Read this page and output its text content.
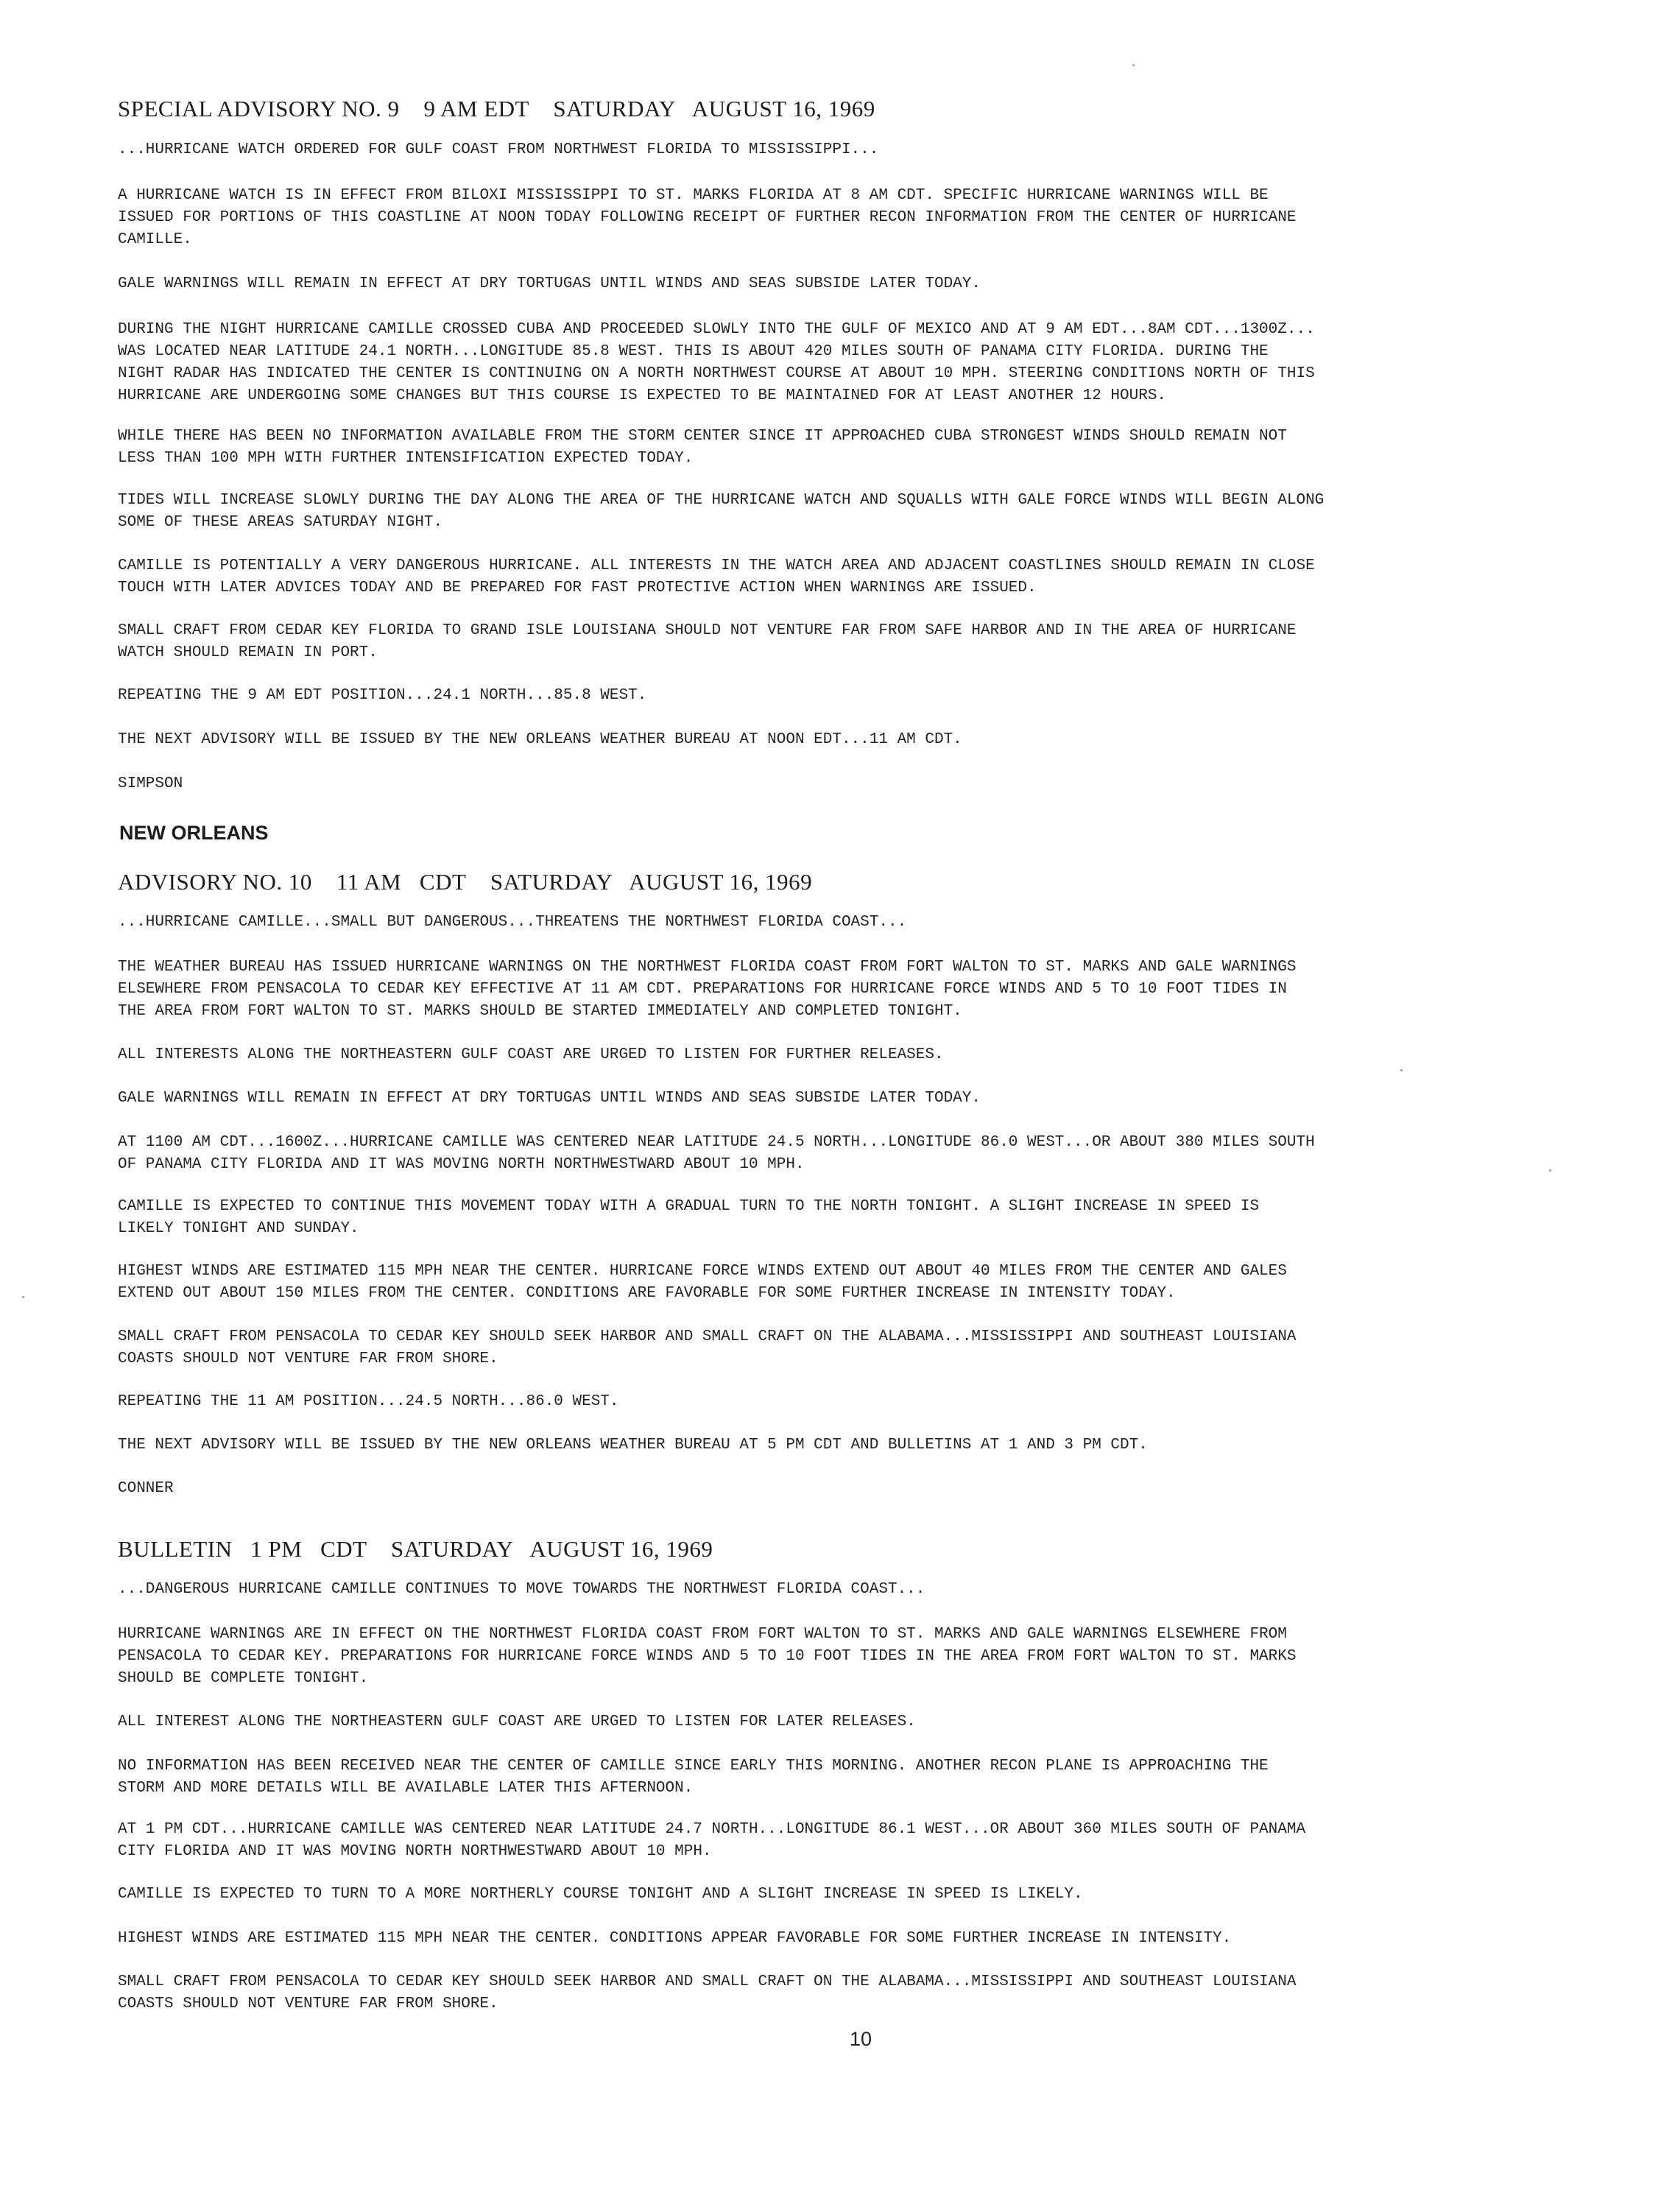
SPECIAL ADVISORY NO. 9    9 AM EDT    SATURDAY   AUGUST 16, 1969
...HURRICANE WATCH ORDERED FOR GULF COAST FROM NORTHWEST FLORIDA TO MISSISSIPPI...
A HURRICANE WATCH IS IN EFFECT FROM BILOXI MISSISSIPPI TO ST. MARKS FLORIDA AT 8 AM CDT. SPECIFIC HURRICANE WARNINGS WILL BE
ISSUED FOR PORTIONS OF THIS COASTLINE AT NOON TODAY FOLLOWING RECEIPT OF FURTHER RECON INFORMATION FROM THE CENTER OF HURRICANE
CAMILLE.
GALE WARNINGS WILL REMAIN IN EFFECT AT DRY TORTUGAS UNTIL WINDS AND SEAS SUBSIDE LATER TODAY.
DURING THE NIGHT HURRICANE CAMILLE CROSSED CUBA AND PROCEEDED SLOWLY INTO THE GULF OF MEXICO AND AT 9 AM EDT...8AM CDT...1300Z...
WAS LOCATED NEAR LATITUDE 24.1 NORTH...LONGITUDE 85.8 WEST. THIS IS ABOUT 420 MILES SOUTH OF PANAMA CITY FLORIDA. DURING THE
NIGHT RADAR HAS INDICATED THE CENTER IS CONTINUING ON A NORTH NORTHWEST COURSE AT ABOUT 10 MPH. STEERING CONDITIONS NORTH OF THIS
HURRICANE ARE UNDERGOING SOME CHANGES BUT THIS COURSE IS EXPECTED TO BE MAINTAINED FOR AT LEAST ANOTHER 12 HOURS.
WHILE THERE HAS BEEN NO INFORMATION AVAILABLE FROM THE STORM CENTER SINCE IT APPROACHED CUBA STRONGEST WINDS SHOULD REMAIN NOT
LESS THAN 100 MPH WITH FURTHER INTENSIFICATION EXPECTED TODAY.
TIDES WILL INCREASE SLOWLY DURING THE DAY ALONG THE AREA OF THE HURRICANE WATCH AND SQUALLS WITH GALE FORCE WINDS WILL BEGIN ALONG
SOME OF THESE AREAS SATURDAY NIGHT.
CAMILLE IS POTENTIALLY A VERY DANGEROUS HURRICANE. ALL INTERESTS IN THE WATCH AREA AND ADJACENT COASTLINES SHOULD REMAIN IN CLOSE
TOUCH WITH LATER ADVICES TODAY AND BE PREPARED FOR FAST PROTECTIVE ACTION WHEN WARNINGS ARE ISSUED.
SMALL CRAFT FROM CEDAR KEY FLORIDA TO GRAND ISLE LOUISIANA SHOULD NOT VENTURE FAR FROM SAFE HARBOR AND IN THE AREA OF HURRICANE
WATCH SHOULD REMAIN IN PORT.
REPEATING THE 9 AM EDT POSITION...24.1 NORTH...85.8 WEST.
THE NEXT ADVISORY WILL BE ISSUED BY THE NEW ORLEANS WEATHER BUREAU AT NOON EDT...11 AM CDT.
SIMPSON
NEW ORLEANS
ADVISORY NO. 10    11 AM   CDT    SATURDAY   AUGUST 16, 1969
...HURRICANE CAMILLE...SMALL BUT DANGEROUS...THREATENS THE NORTHWEST FLORIDA COAST...
THE WEATHER BUREAU HAS ISSUED HURRICANE WARNINGS ON THE NORTHWEST FLORIDA COAST FROM FORT WALTON TO ST. MARKS AND GALE WARNINGS
ELSEWHERE FROM PENSACOLA TO CEDAR KEY EFFECTIVE AT 11 AM CDT. PREPARATIONS FOR HURRICANE FORCE WINDS AND 5 TO 10 FOOT TIDES IN
THE AREA FROM FORT WALTON TO ST. MARKS SHOULD BE STARTED IMMEDIATELY AND COMPLETED TONIGHT.
ALL INTERESTS ALONG THE NORTHEASTERN GULF COAST ARE URGED TO LISTEN FOR FURTHER RELEASES.
GALE WARNINGS WILL REMAIN IN EFFECT AT DRY TORTUGAS UNTIL WINDS AND SEAS SUBSIDE LATER TODAY.
AT 1100 AM CDT...1600Z...HURRICANE CAMILLE WAS CENTERED NEAR LATITUDE 24.5 NORTH...LONGITUDE 86.0 WEST...OR ABOUT 380 MILES SOUTH
OF PANAMA CITY FLORIDA AND IT WAS MOVING NORTH NORTHWESTWARD ABOUT 10 MPH.
CAMILLE IS EXPECTED TO CONTINUE THIS MOVEMENT TODAY WITH A GRADUAL TURN TO THE NORTH TONIGHT. A SLIGHT INCREASE IN SPEED IS
LIKELY TONIGHT AND SUNDAY.
HIGHEST WINDS ARE ESTIMATED 115 MPH NEAR THE CENTER. HURRICANE FORCE WINDS EXTEND OUT ABOUT 40 MILES FROM THE CENTER AND GALES
EXTEND OUT ABOUT 150 MILES FROM THE CENTER. CONDITIONS ARE FAVORABLE FOR SOME FURTHER INCREASE IN INTENSITY TODAY.
SMALL CRAFT FROM PENSACOLA TO CEDAR KEY SHOULD SEEK HARBOR AND SMALL CRAFT ON THE ALABAMA...MISSISSIPPI AND SOUTHEAST LOUISIANA
COASTS SHOULD NOT VENTURE FAR FROM SHORE.
REPEATING THE 11 AM POSITION...24.5 NORTH...86.0 WEST.
THE NEXT ADVISORY WILL BE ISSUED BY THE NEW ORLEANS WEATHER BUREAU AT 5 PM CDT AND BULLETINS AT 1 AND 3 PM CDT.
CONNER
BULLETIN   1 PM   CDT    SATURDAY   AUGUST 16, 1969
...DANGEROUS HURRICANE CAMILLE CONTINUES TO MOVE TOWARDS THE NORTHWEST FLORIDA COAST...
HURRICANE WARNINGS ARE IN EFFECT ON THE NORTHWEST FLORIDA COAST FROM FORT WALTON TO ST. MARKS AND GALE WARNINGS ELSEWHERE FROM
PENSACOLA TO CEDAR KEY. PREPARATIONS FOR HURRICANE FORCE WINDS AND 5 TO 10 FOOT TIDES IN THE AREA FROM FORT WALTON TO ST. MARKS
SHOULD BE COMPLETE TONIGHT.
ALL INTEREST ALONG THE NORTHEASTERN GULF COAST ARE URGED TO LISTEN FOR LATER RELEASES.
NO INFORMATION HAS BEEN RECEIVED NEAR THE CENTER OF CAMILLE SINCE EARLY THIS MORNING. ANOTHER RECON PLANE IS APPROACHING THE
STORM AND MORE DETAILS WILL BE AVAILABLE LATER THIS AFTERNOON.
AT 1 PM CDT...HURRICANE CAMILLE WAS CENTERED NEAR LATITUDE 24.7 NORTH...LONGITUDE 86.1 WEST...OR ABOUT 360 MILES SOUTH OF PANAMA
CITY FLORIDA AND IT WAS MOVING NORTH NORTHWESTWARD ABOUT 10 MPH.
CAMILLE IS EXPECTED TO TURN TO A MORE NORTHERLY COURSE TONIGHT AND A SLIGHT INCREASE IN SPEED IS LIKELY.
HIGHEST WINDS ARE ESTIMATED 115 MPH NEAR THE CENTER. CONDITIONS APPEAR FAVORABLE FOR SOME FURTHER INCREASE IN INTENSITY.
SMALL CRAFT FROM PENSACOLA TO CEDAR KEY SHOULD SEEK HARBOR AND SMALL CRAFT ON THE ALABAMA...MISSISSIPPI AND SOUTHEAST LOUISIANA
COASTS SHOULD NOT VENTURE FAR FROM SHORE.
10
